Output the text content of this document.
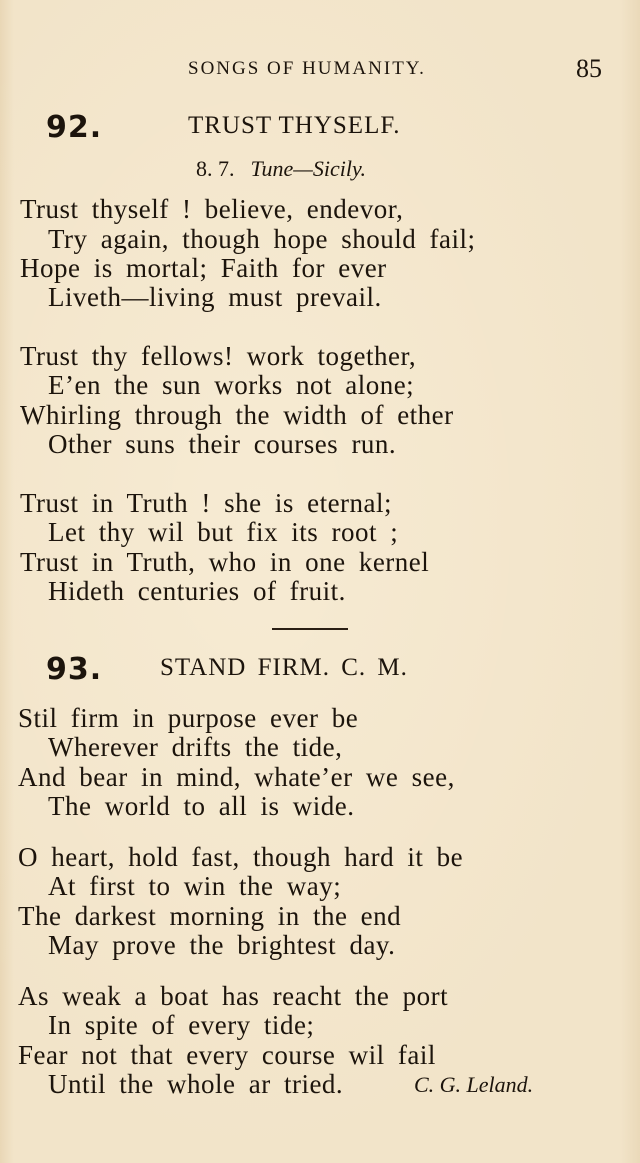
SONGS OF HUMANITY.	85
92.	TRUST THYSELF.
8. 7. Tune—Sicily.
Trust thyself ! believe, endevor,
Try again, though hope should fail;
Hope is mortal; Faith for ever
Liveth—living must prevail.
Trust thy fellows! work together,
E’en the sun works not alone;
Whirling through the width of ether
Other suns their courses run.
Trust in Truth ! she is eternal;
Let thy wil but fix its root ;
Trust in Truth, who in one kernel
Hideth centuries of fruit.
93. STAND FIRM. C. M.
Stil firm in purpose ever be
Wherever drifts the tide,
And bear in mind, whate’er we see,
The world to all is wide.
O heart, hold fast, though hard it be
At first to win the way;
The darkest morning in the end
May prove the brightest day.
As weak a boat has reacht the port
In spite of every tide;
Fear not that every course wil fail
Until the whole ar tried.	C. G. Leland.
